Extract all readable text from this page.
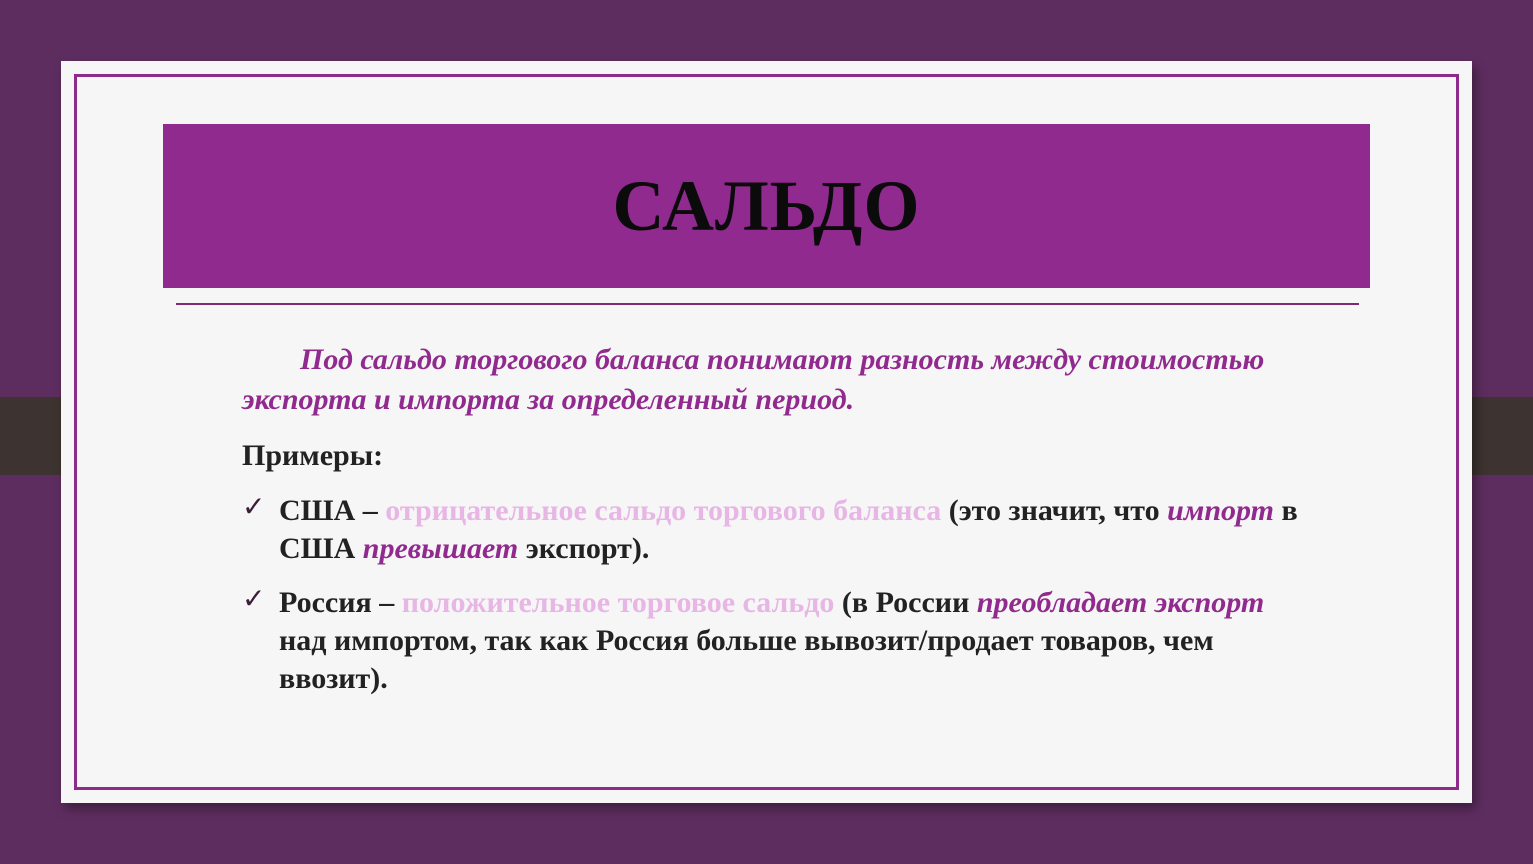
САЛЬДО

Под сальдо торгового баланса понимают разность между стоимостью экспорта и импорта за определенный период.

Примеры:

✓ США – отрицательное сальдо торгового баланса (это значит, что импорт в США превышает экспорт).
✓ Россия – положительное торговое сальдо (в России преобладает экспорт над импортом, так как Россия больше вывозит/продает товаров, чем ввозит).
